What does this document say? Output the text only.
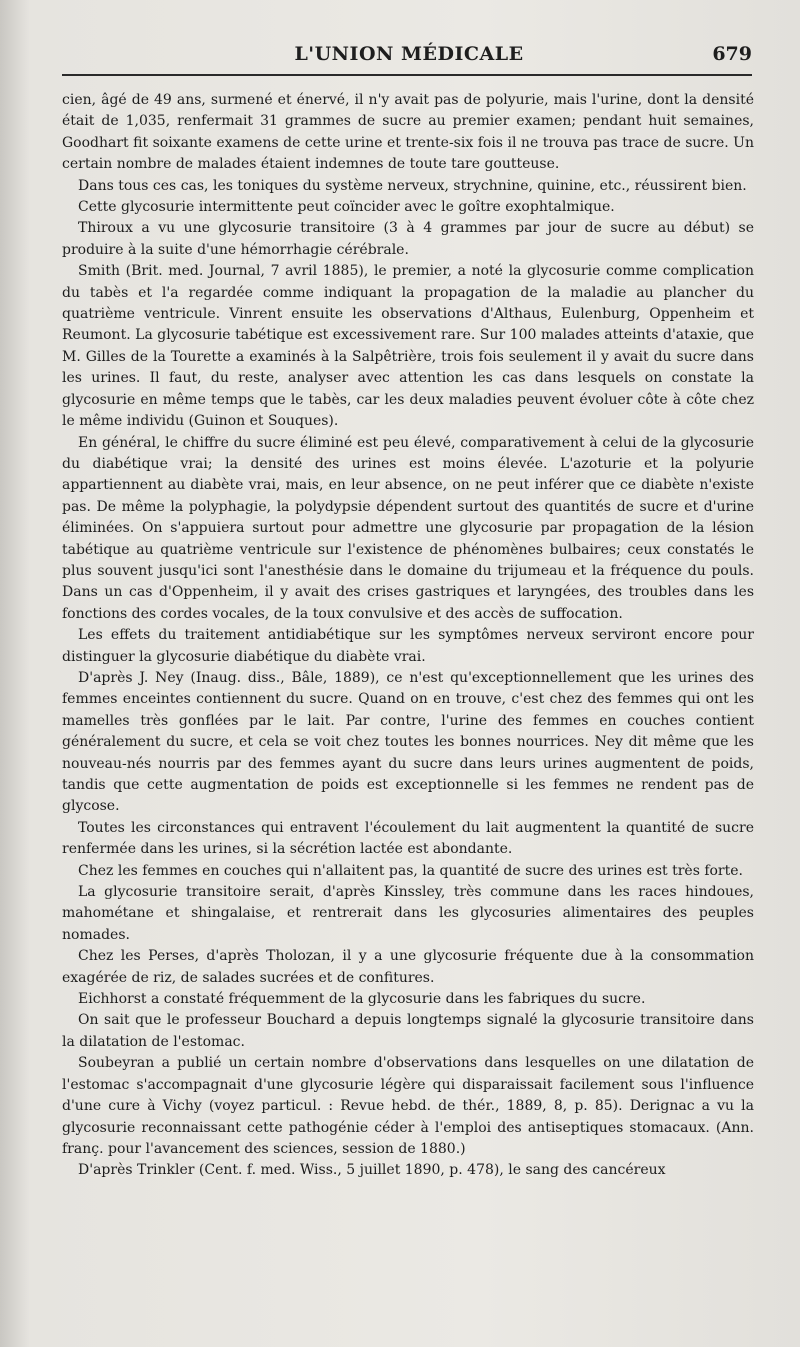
L'UNION MÉDICALE	679

cien, âgé de 49 ans, surmené et énervé, il n'y avait pas de polyurie, mais l'urine, dont la densité était de 1,035, renfermait 31 grammes de sucre au premier examen; pendant huit semaines, Goodhart fit soixante examens de cette urine et trente-six fois il ne trouva pas trace de sucre. Un certain nombre de malades étaient indemnes de toute tare goutteuse.

Dans tous ces cas, les toniques du système nerveux, strychnine, quinine, etc., réussirent bien.

Cette glycosurie intermittente peut coïncider avec le goître exophtalmique.

Thiroux a vu une glycosurie transitoire (3 à 4 grammes par jour de sucre au début) se produire à la suite d'une hémorrhagie cérébrale.

Smith (Brit. med. Journal, 7 avril 1885), le premier, a noté la glycosurie comme complication du tabès et l'a regardée comme indiquant la propagation de la maladie au plancher du quatrième ventricule. Vinrent ensuite les observations d'Althaus, Eulenburg, Oppenheim et Reumont. La glycosurie tabétique est excessivement rare. Sur 100 malades atteints d'ataxie, que M. Gilles de la Tourette a examinés à la Salpêtrière, trois fois seulement il y avait du sucre dans les urines. Il faut, du reste, analyser avec attention les cas dans lesquels on constate la glycosurie en même temps que le tabès, car les deux maladies peuvent évoluer côte à côte chez le même individu (Guinon et Souques).

En général, le chiffre du sucre éliminé est peu élevé, comparativement à celui de la glycosurie du diabétique vrai; la densité des urines est moins élevée. L'azoturie et la polyurie appartiennent au diabète vrai, mais, en leur absence, on ne peut inférer que ce diabète n'existe pas. De même la polyphagie, la polydypsie dépendent surtout des quantités de sucre et d'urine éliminées. On s'appuiera surtout pour admettre une glycosurie par propagation de la lésion tabétique au quatrième ventricule sur l'existence de phénomènes bulbaires; ceux constatés le plus souvent jusqu'ici sont l'anesthésie dans le domaine du trijumeau et la fréquence du pouls. Dans un cas d'Oppenheim, il y avait des crises gastriques et laryngées, des troubles dans les fonctions des cordes vocales, de la toux convulsive et des accès de suffocation.

Les effets du traitement antidiabétique sur les symptômes nerveux serviront encore pour distinguer la glycosurie diabétique du diabète vrai.

D'après J. Ney (Inaug. diss., Bâle, 1889), ce n'est qu'exceptionnellement que les urines des femmes enceintes contiennent du sucre. Quand on en trouve, c'est chez des femmes qui ont les mamelles très gonflées par le lait. Par contre, l'urine des femmes en couches contient généralement du sucre, et cela se voit chez toutes les bonnes nourrices. Ney dit même que les nouveau-nés nourris par des femmes ayant du sucre dans leurs urines augmentent de poids, tandis que cette augmentation de poids est exceptionnelle si les femmes ne rendent pas de glycose.

Toutes les circonstances qui entravent l'écoulement du lait augmentent la quantité de sucre renfermée dans les urines, si la sécrétion lactée est abondante.

Chez les femmes en couches qui n'allaitent pas, la quantité de sucre des urines est très forte.

La glycosurie transitoire serait, d'après Kinssley, très commune dans les races hindoues, mahométane et shingalaise, et rentrerait dans les glycosuries alimentaires des peuples nomades.

Chez les Perses, d'après Tholozan, il y a une glycosurie fréquente due à la consommation exagérée de riz, de salades sucrées et de confitures.

Eichhorst a constaté fréquemment de la glycosurie dans les fabriques du sucre.

On sait que le professeur Bouchard a depuis longtemps signalé la glycosurie transitoire dans la dilatation de l'estomac.

Soubeyran a publié un certain nombre d'observations dans lesquelles on une dilatation de l'estomac s'accompagnait d'une glycosurie légère qui disparaissait facilement sous l'influence d'une cure à Vichy (voyez particul. : Revue hebd. de thér., 1889, 8, p. 85). Derignac a vu la glycosurie reconnaissant cette pathogénie céder à l'emploi des antiseptiques stomacaux. (Ann. franç. pour l'avancement des sciences, session de 1880.)

D'après Trinkler (Cent. f. med. Wiss., 5 juillet 1890, p. 478), le sang des cancéreux
